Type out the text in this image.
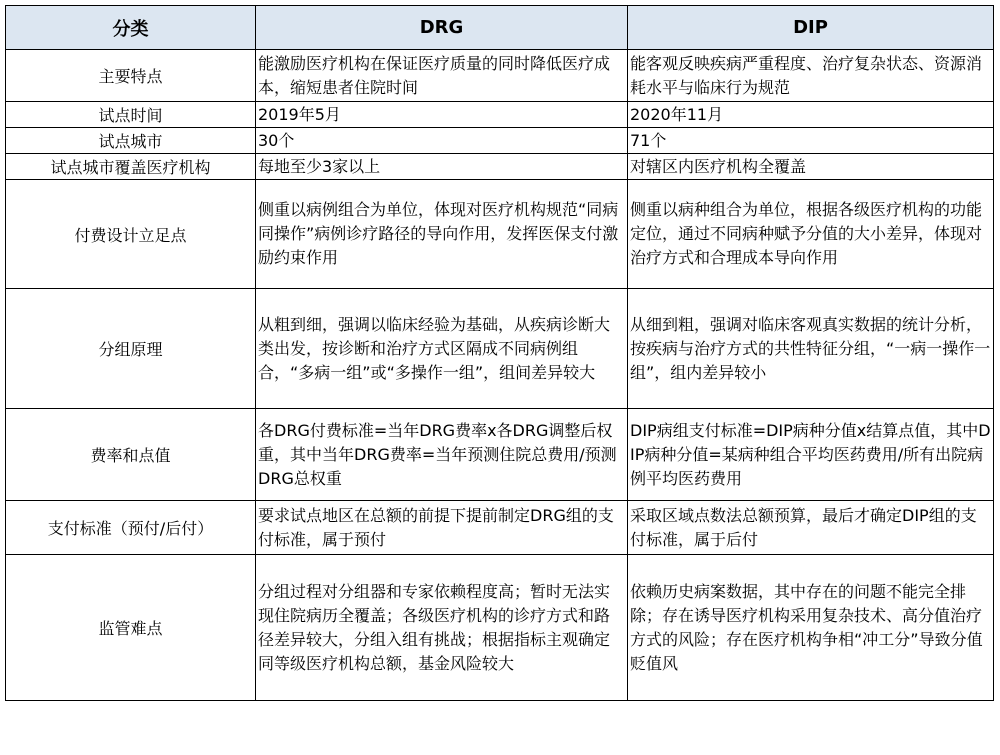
分类	DRG	DIP
主要特点	能激励医疗机构在保证医疗质量的同时降低医疗成本，缩短患者住院时间	能客观反映疾病严重程度、治疗复杂状态、资源消耗水平与临床行为规范
试点时间	2019年5月	2020年11月
试点城市	30个	71个
试点城市覆盖医疗机构	每地至少3家以上	对辖区内医疗机构全覆盖
付费设计立足点	侧重以病例组合为单位，体现对医疗机构规范“同病同操作”病例诊疗路径的导向作用，发挥医保支付激励约束作用	侧重以病种组合为单位，根据各级医疗机构的功能定位，通过不同病种赋予分值的大小差异，体现对治疗方式和合理成本导向作用
分组原理	从粗到细，强调以临床经验为基础，从疾病诊断大类出发，按诊断和治疗方式区隔成不同病例组合，“多病一组”或“多操作一组”，组间差异较大	从细到粗，强调对临床客观真实数据的统计分析，按疾病与治疗方式的共性特征分组，“一病一操作一组”，组内差异较小
费率和点值	各DRG付费标准=当年DRG费率x各DRG调整后权重，其中当年DRG费率=当年预测住院总费用/预测DRG总权重	DIP病组支付标准=DIP病种分值x结算点值，其中DIP病种分值=某病种组合平均医药费用/所有出院病例平均医药费用
支付标准（预付/后付）	要求试点地区在总额的前提下提前制定DRG组的支付标准，属于预付	采取区域点数法总额预算，最后才确定DIP组的支付标准，属于后付
监管难点	分组过程对分组器和专家依赖程度高；暂时无法实现住院病历全覆盖；各级医疗机构的诊疗方式和路径差异较大，分组入组有挑战；根据指标主观确定同等级医疗机构总额，基金风险较大	依赖历史病案数据，其中存在的问题不能完全排除；存在诱导医疗机构采用复杂技术、高分值治疗方式的风险；存在医疗机构争相“冲工分”导致分值贬值风
